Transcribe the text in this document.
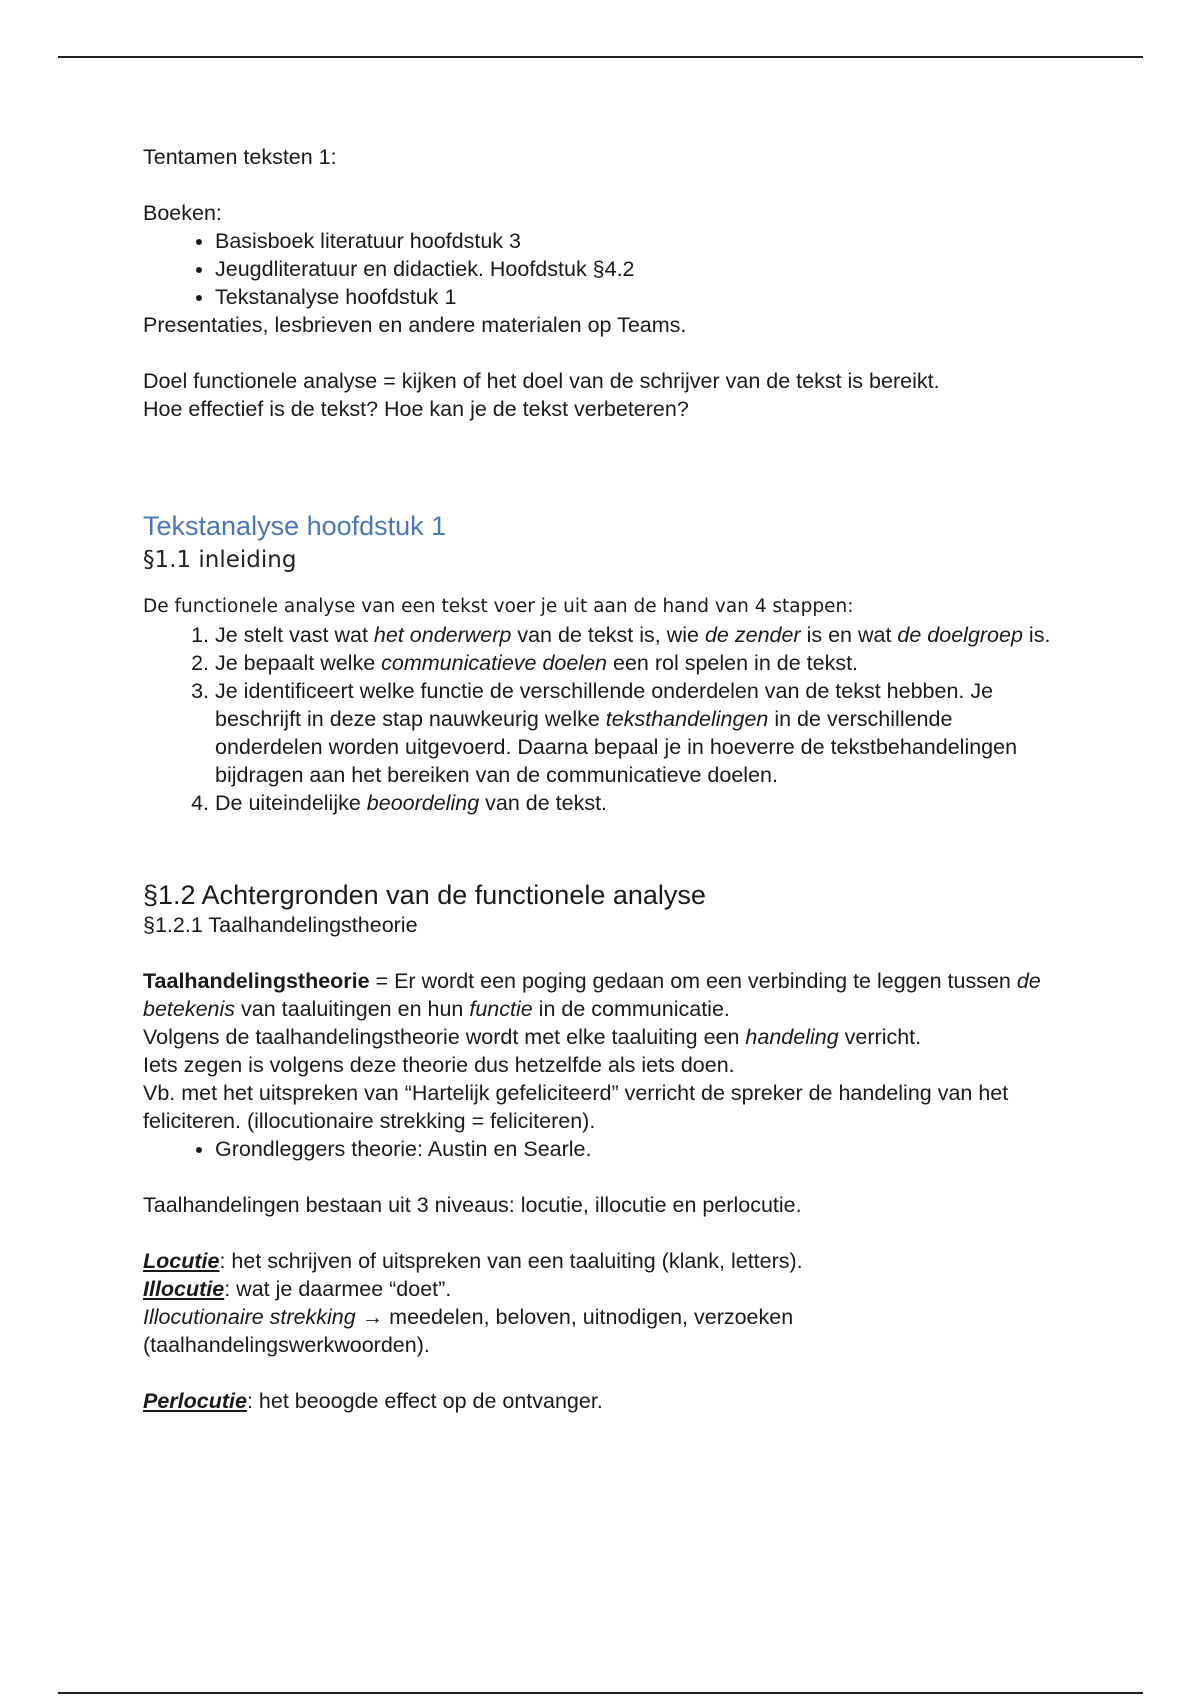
Tentamen teksten 1:

Boeken:

• Basisboek literatuur hoofdstuk 3
• Jeugdliteratuur en didactiek. Hoofdstuk §4.2
• Tekstanalyse hoofdstuk 1

Presentaties, lesbrieven en andere materialen op Teams.

Doel functionele analyse = kijken of het doel van de schrijver van de tekst is bereikt.

Hoe effectief is de tekst? Hoe kan je de tekst verbeteren?

Tekstanalyse hoofdstuk 1

§1.1 inleiding

De functionele analyse van een tekst voer je uit aan de hand van 4 stappen:

1. Je stelt vast wat het onderwerp van de tekst is, wie de zender is en wat de doelgroep is.
2. Je bepaalt welke communicatieve doelen een rol spelen in de tekst.
3. Je identificeert welke functie de verschillende onderdelen van de tekst hebben. Je beschrijft in deze stap nauwkeurig welke teksthandelingen in de verschillende onderdelen worden uitgevoerd. Daarna bepaal je in hoeverre de tekstbehandelingen bijdragen aan het bereiken van de communicatieve doelen.
4. De uiteindelijke beoordeling van de tekst.

§1.2 Achtergronden van de functionele analyse

§1.2.1 Taalhandelingstheorie

Taalhandelingstheorie = Er wordt een poging gedaan om een verbinding te leggen tussen de betekenis van taaluitingen en hun functie in de communicatie.

Volgens de taalhandelingstheorie wordt met elke taaluiting een handeling verricht.

Iets zegen is volgens deze theorie dus hetzelfde als iets doen.

Vb. met het uitspreken van “Hartelijk gefeliciteerd” verricht de spreker de handeling van het feliciteren. (illocutionaire strekking = feliciteren).

• Grondleggers theorie: Austin en Searle.

Taalhandelingen bestaan uit 3 niveaus: locutie, illocutie en perlocutie.

Locutie: het schrijven of uitspreken van een taaluiting (klank, letters).

Illocutie: wat je daarmee “doet”.

Illocutionaire strekking → meedelen, beloven, uitnodigen, verzoeken (taalhandelingswerkwoorden).

Perlocutie: het beoogde effect op de ontvanger.
